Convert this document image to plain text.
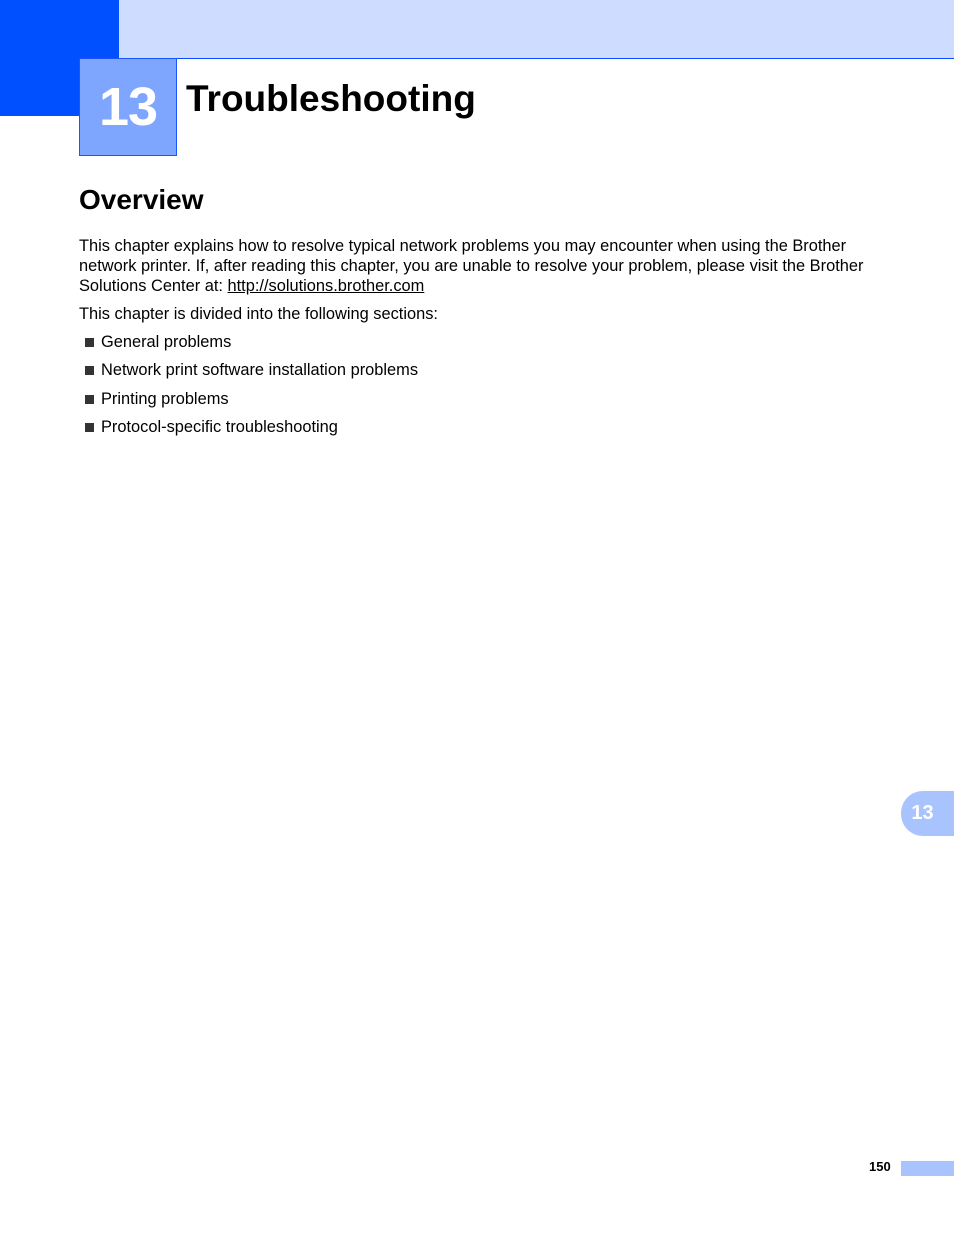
13 Troubleshooting
Overview

This chapter explains how to resolve typical network problems you may encounter when using the Brother network printer. If, after reading this chapter, you are unable to resolve your problem, please visit the Brother Solutions Center at: http://solutions.brother.com

This chapter is divided into the following sections:

General problems
Network print software installation problems
Printing problems
Protocol-specific troubleshooting
13
150
